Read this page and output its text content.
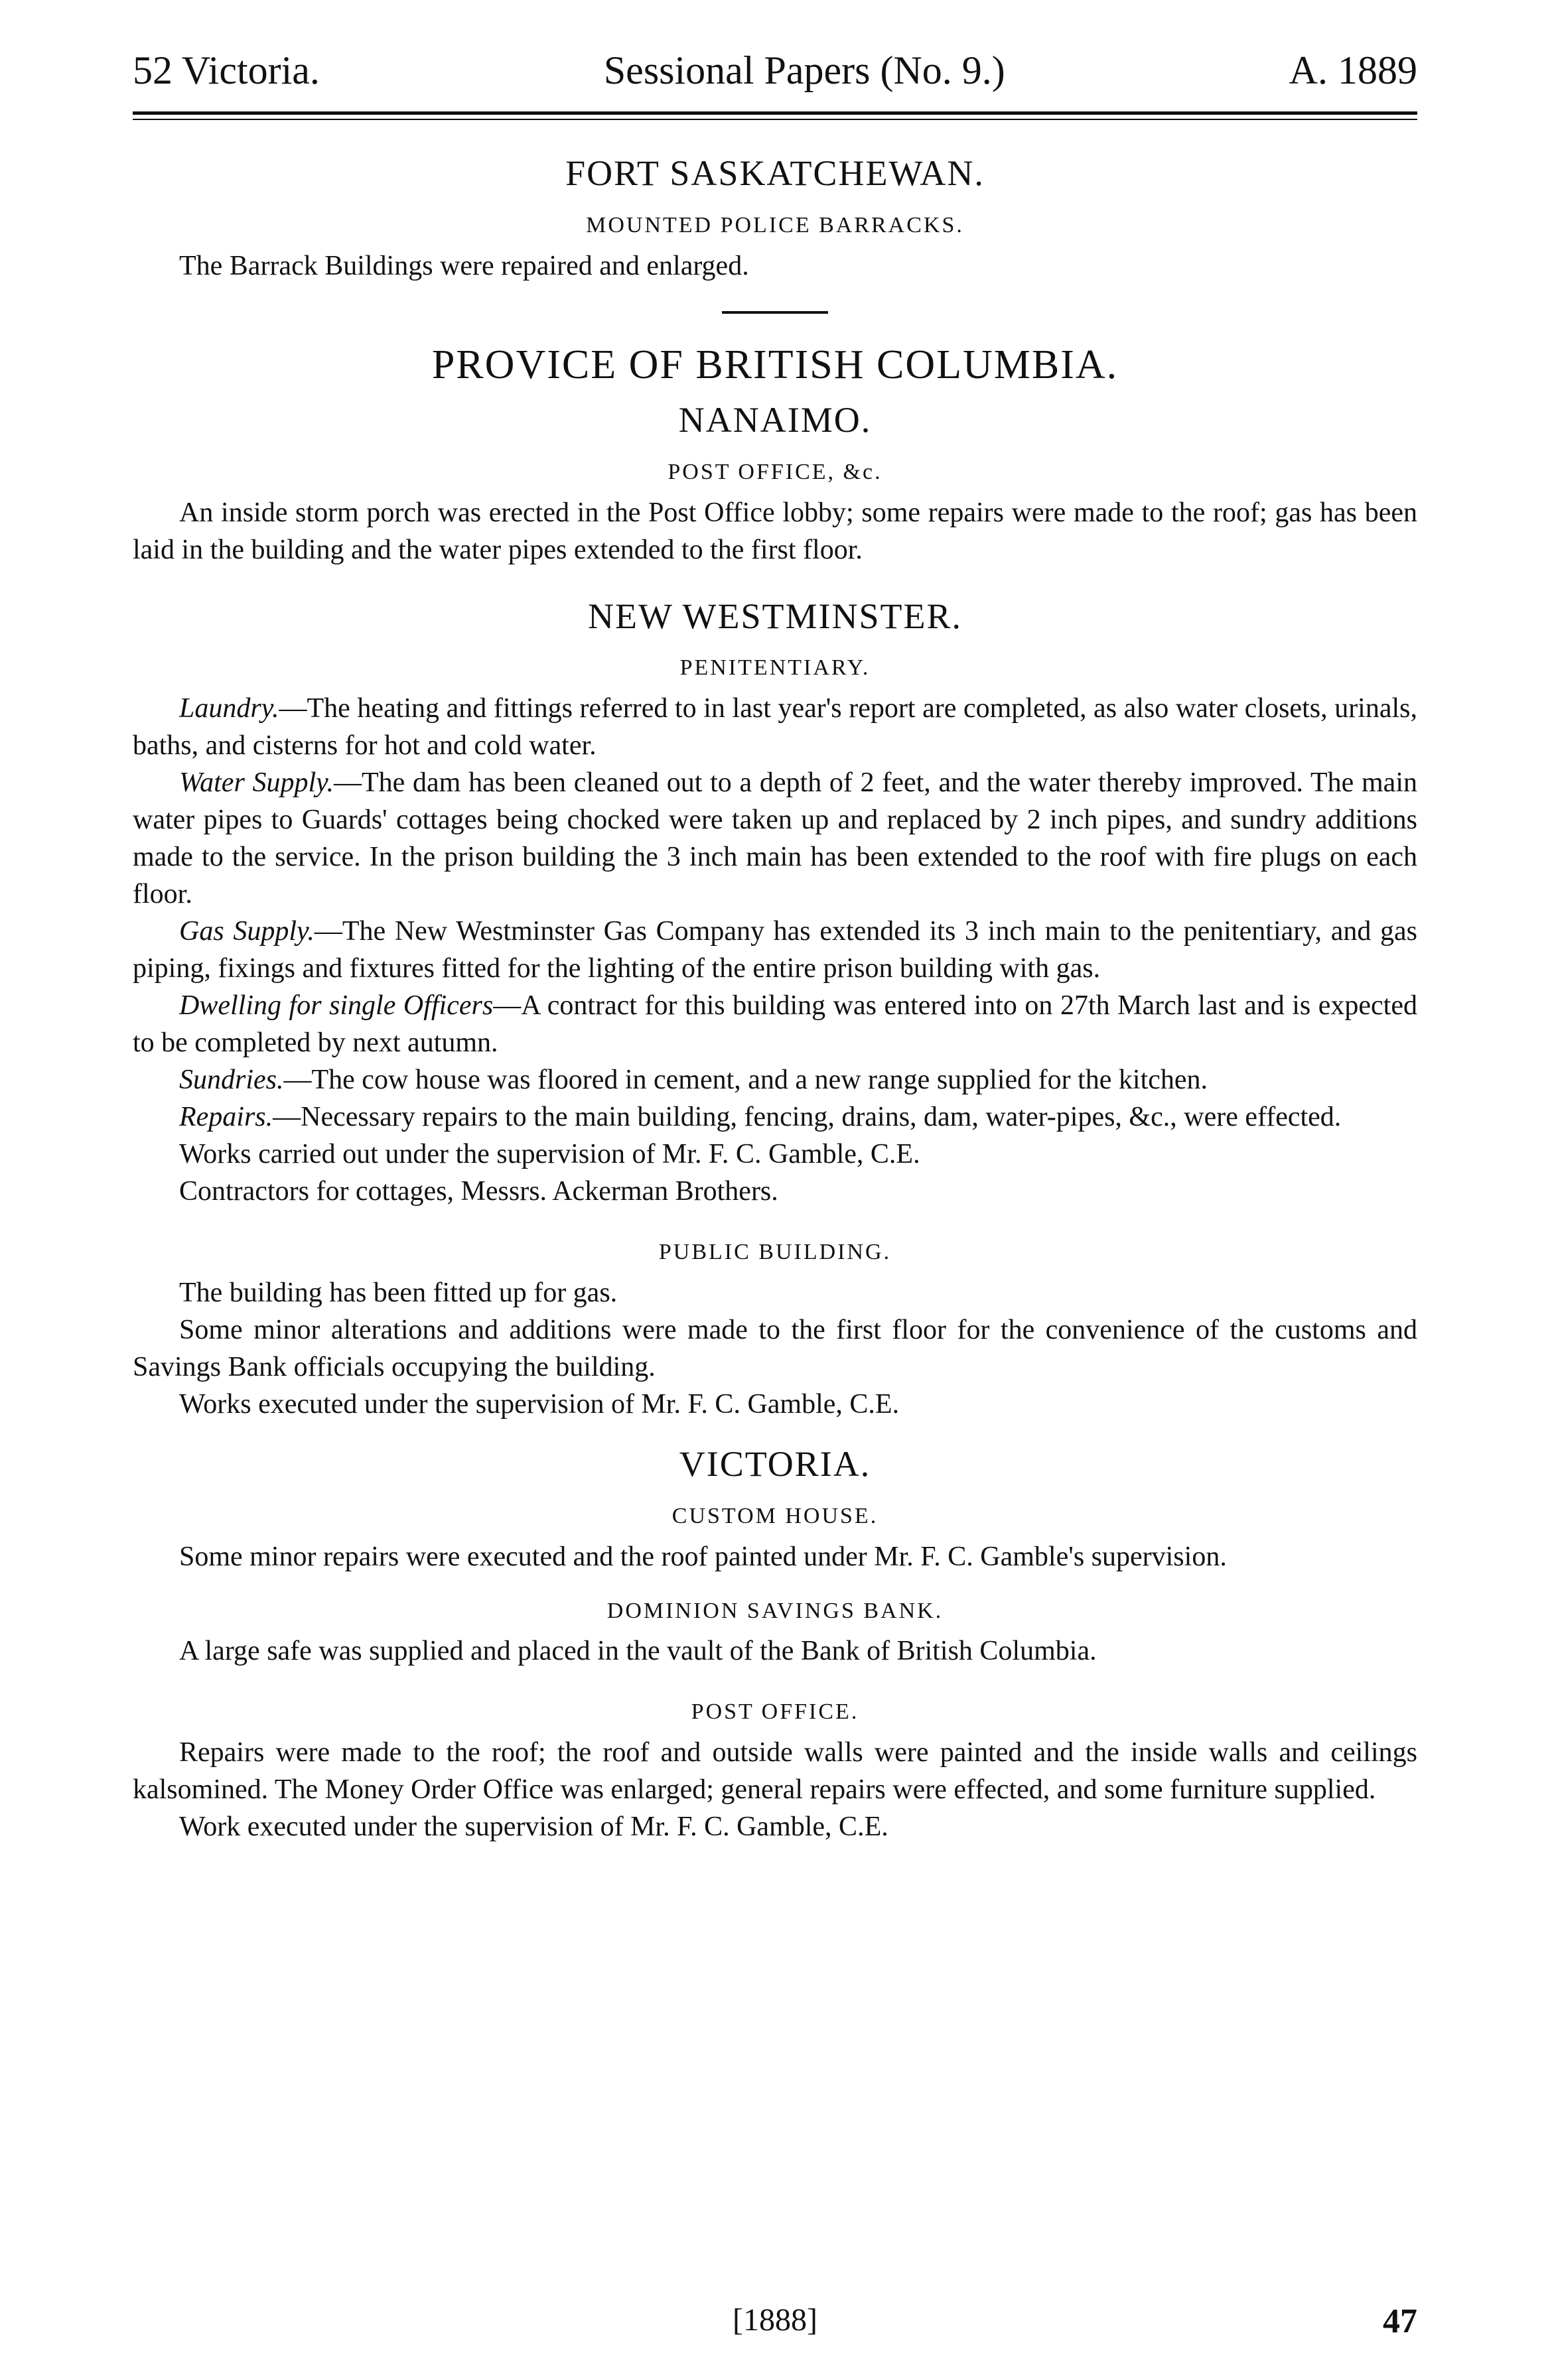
52 Victoria.	Sessional Papers (No. 9.)	A. 1889
FORT SASKATCHEWAN.
MOUNTED POLICE BARRACKS.

The Barrack Buildings were repaired and enlarged.

PROVICE OF BRITISH COLUMBIA.
NANAIMO.
POST OFFICE, &c.

An inside storm porch was erected in the Post Office lobby; some repairs were made to the roof; gas has been laid in the building and the water pipes extended to the first floor.

NEW WESTMINSTER.
PENITENTIARY.

Laundry.—The heating and fittings referred to in last year's report are completed, as also water closets, urinals, baths, and cisterns for hot and cold water.

Water Supply.—The dam has been cleaned out to a depth of 2 feet, and the water thereby improved. The main water pipes to Guards' cottages being chocked were taken up and replaced by 2 inch pipes, and sundry additions made to the service. In the prison building the 3 inch main has been extended to the roof with fire plugs on each floor.

Gas Supply.—The New Westminster Gas Company has extended its 3 inch main to the penitentiary, and gas piping, fixings and fixtures fitted for the lighting of the entire prison building with gas.

Dwelling for single Officers—A contract for this building was entered into on 27th March last and is expected to be completed by next autumn.

Sundries.—The cow house was floored in cement, and a new range supplied for the kitchen.

Repairs.—Necessary repairs to the main building, fencing, drains, dam, water-pipes, &c., were effected.

Works carried out under the supervision of Mr. F. C. Gamble, C.E.

Contractors for cottages, Messrs. Ackerman Brothers.

PUBLIC BUILDING.

The building has been fitted up for gas.

Some minor alterations and additions were made to the first floor for the convenience of the customs and Savings Bank officials occupying the building.

Works executed under the supervision of Mr. F. C. Gamble, C.E.

VICTORIA.
CUSTOM HOUSE.

Some minor repairs were executed and the roof painted under Mr. F. C. Gamble's supervision.

DOMINION SAVINGS BANK.

A large safe was supplied and placed in the vault of the Bank of British Columbia.

POST OFFICE.

Repairs were made to the roof; the roof and outside walls were painted and the inside walls and ceilings kalsomined. The Money Order Office was enlarged; general repairs were effected, and some furniture supplied.

Work executed under the supervision of Mr. F. C. Gamble, C.E.

[1888]	47
